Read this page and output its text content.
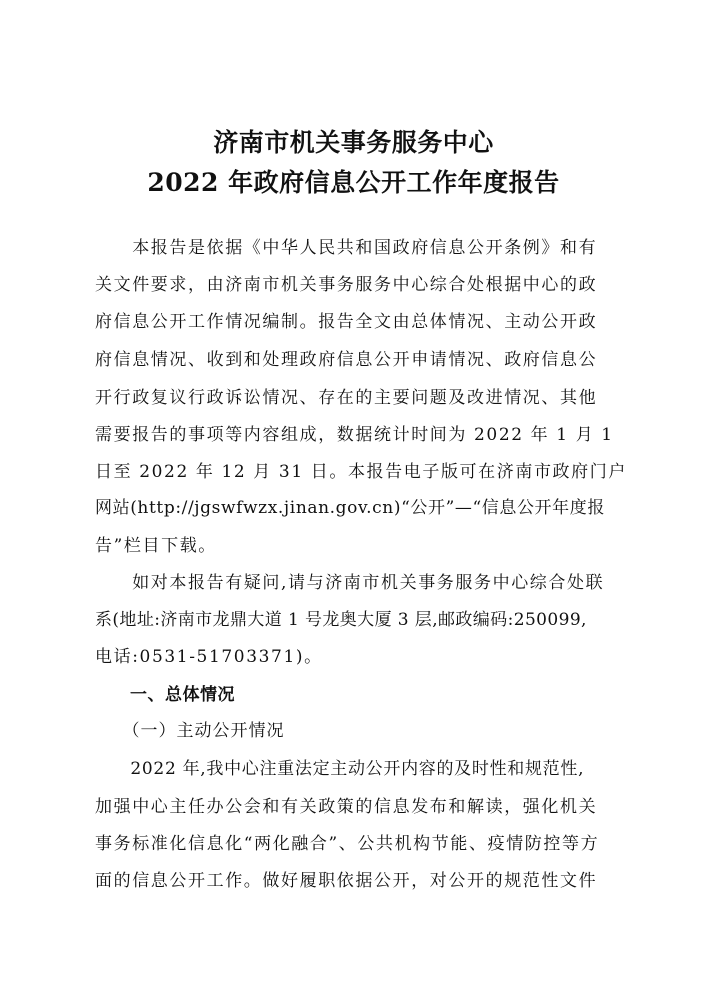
济南市机关事务服务中心
2022 年政府信息公开工作年度报告
　　本报告是依据《中华人民共和国政府信息公开条例》和有
关文件要求，由济南市机关事务服务中心综合处根据中心的政
府信息公开工作情况编制。报告全文由总体情况、主动公开政
府信息情况、收到和处理政府信息公开申请情况、政府信息公
开行政复议行政诉讼情况、存在的主要问题及改进情况、其他
需要报告的事项等内容组成，数据统计时间为 2022 年 1 月 1
日至 2022 年 12 月 31 日。本报告电子版可在济南市政府门户
网站(http://jgswfwzx.jinan.gov.cn)“公开”—“信息公开年度报
告”栏目下载。
　　如对本报告有疑问,请与济南市机关事务服务中心综合处联
系(地址:济南市龙鼎大道 1 号龙奥大厦 3 层,邮政编码:250099,
电话:0531-51703371)。
　　一、总体情况
　　（一）主动公开情况
　　2022 年,我中心注重法定主动公开内容的及时性和规范性,
加强中心主任办公会和有关政策的信息发布和解读，强化机关
事务标准化信息化“两化融合”、公共机构节能、疫情防控等方
面的信息公开工作。做好履职依据公开，对公开的规范性文件
